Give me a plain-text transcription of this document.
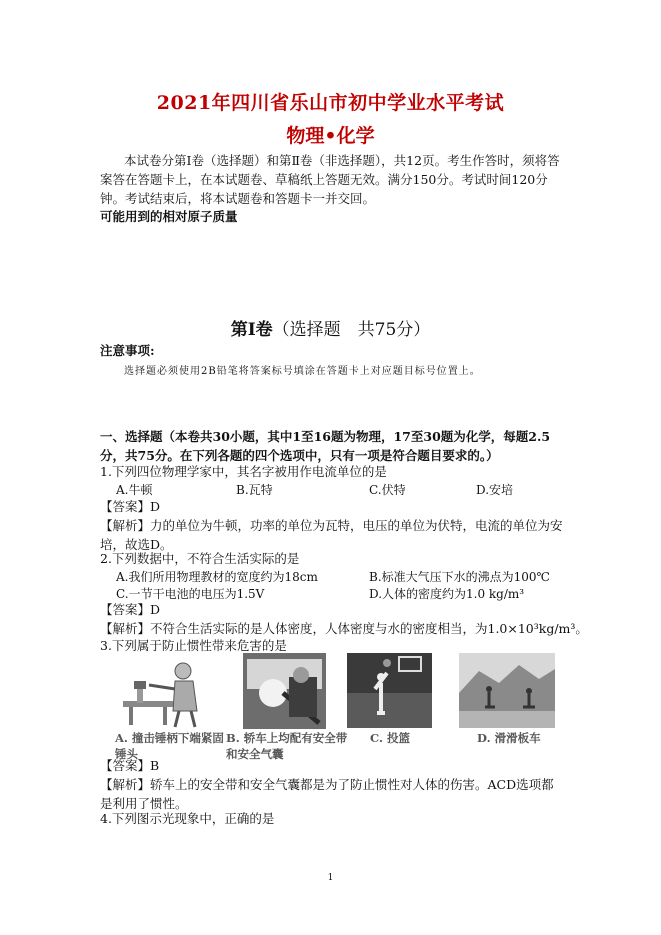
2021年四川省乐山市初中学业水平考试
物理•化学
本试卷分第Ⅰ卷（选择题）和第Ⅱ卷（非选择题），共12页。考生作答时，须将答案答在答题卡上，在本试题卷、草稿纸上答题无效。满分150分。考试时间120分钟。考试结束后，将本试题卷和答题卡一并交回。
可能用到的相对原子质量
第Ⅰ卷（选择题　共75分）
注意事项:
选择题必须使用2B铅笔将答案标号填涂在答题卡上对应题目标号位置上。
一、选择题（本卷共30小题，其中1至16题为物理，17至30题为化学，每题2.5分，共75分。在下列各题的四个选项中，只有一项是符合题目要求的。）
1.下列四位物理学家中，其名字被用作电流单位的是
A.牛顿	B.瓦特	C.伏特	D.安培
【答案】D
【解析】力的单位为牛顿，功率的单位为瓦特，电压的单位为伏特，电流的单位为安培，故选D。
2.下列数据中，不符合生活实际的是
A.我们所用物理教材的宽度约为18cm	B.标准大气压下水的沸点为100℃
C.一节干电池的电压为1.5V	D.人体的密度约为1.0 kg/m³
【答案】D
【解析】不符合生活实际的是人体密度，人体密度与水的密度相当，为1.0×10³kg/m³。
3.下列属于防止惯性带来危害的是
A. 撞击锤柄下端紧固锤头
B. 轿车上均配有安全带和安全气囊
C. 投篮	D. 滑滑板车
【答案】B
【解析】轿车上的安全带和安全气囊都是为了防止惯性对人体的伤害。ACD选项都是利用了惯性。
4.下列图示光现象中，正确的是
1
